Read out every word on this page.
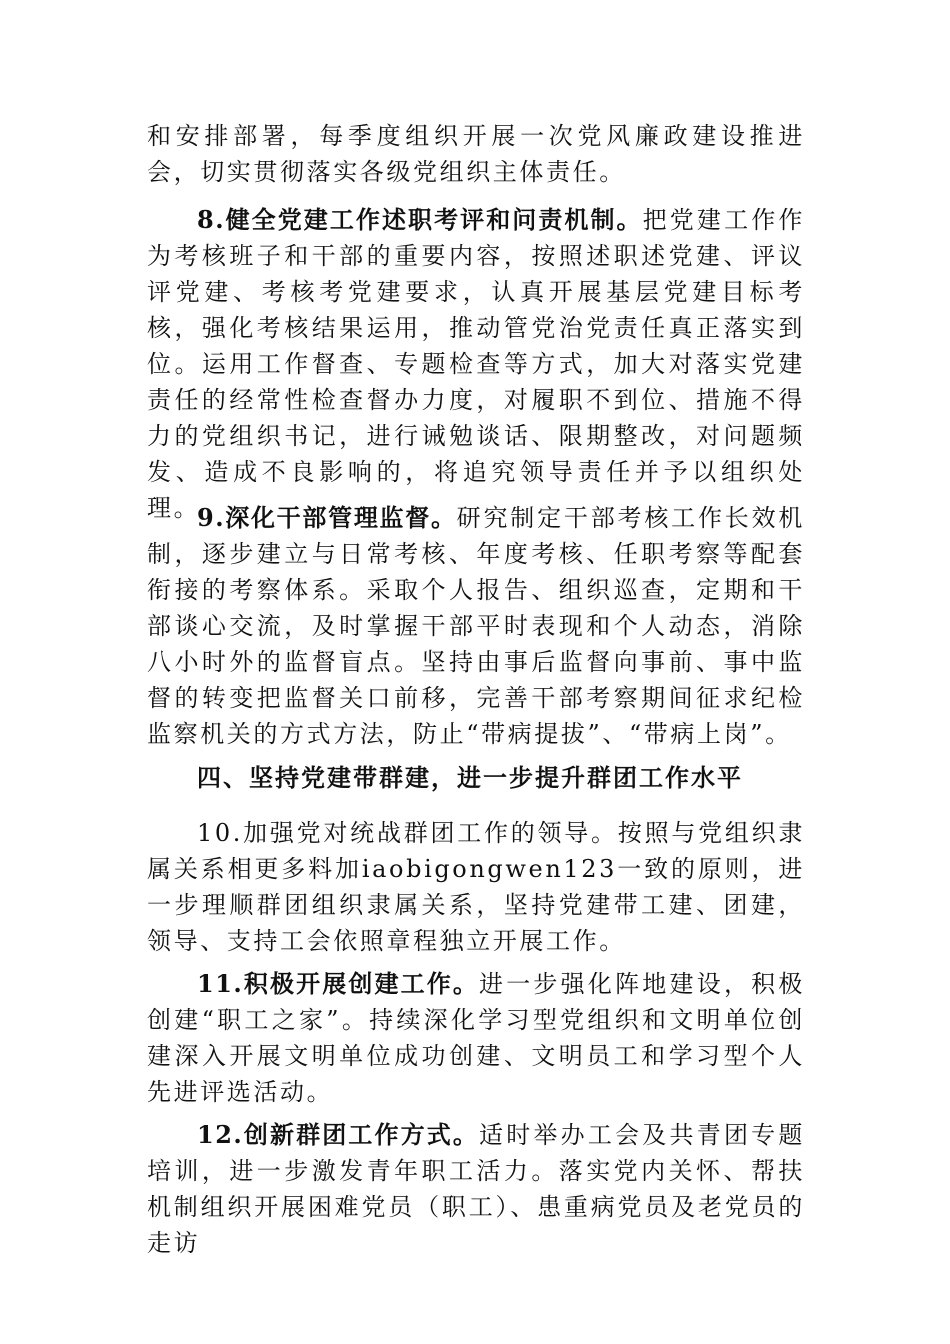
和安排部署，每季度组织开展一次党风廉政建设推进会，切实贯彻落实各级党组织主体责任。

8.健全党建工作述职考评和问责机制。把党建工作作为考核班子和干部的重要内容，按照述职述党建、评议评党建、考核考党建要求，认真开展基层党建目标考核，强化考核结果运用，推动管党治党责任真正落实到位。运用工作督查、专题检查等方式，加大对落实党建责任的经常性检查督办力度，对履职不到位、措施不得力的党组织书记，进行诫勉谈话、限期整改，对问题频发、造成不良影响的，将追究领导责任并予以组织处理。

9.深化干部管理监督。研究制定干部考核工作长效机制，逐步建立与日常考核、年度考核、任职考察等配套衔接的考察体系。采取个人报告、组织巡查，定期和干部谈心交流，及时掌握干部平时表现和个人动态，消除八小时外的监督盲点。坚持由事后监督向事前、事中监督的转变把监督关口前移，完善干部考察期间征求纪检监察机关的方式方法，防止“带病提拔”、“带病上岗”。

四、坚持党建带群建，进一步提升群团工作水平

10.加强党对统战群团工作的领导。按照与党组织隶属关系相更多料加iaobigongwen123一致的原则，进一步理顺群团组织隶属关系，坚持党建带工建、团建，领导、支持工会依照章程独立开展工作。

11.积极开展创建工作。进一步强化阵地建设，积极创建“职工之家”。持续深化学习型党组织和文明单位创建深入开展文明单位成功创建、文明员工和学习型个人先进评选活动。

12.创新群团工作方式。适时举办工会及共青团专题培训，进一步激发青年职工活力。落实党内关怀、帮扶机制组织开展困难党员（职工）、患重病党员及老党员的走访
